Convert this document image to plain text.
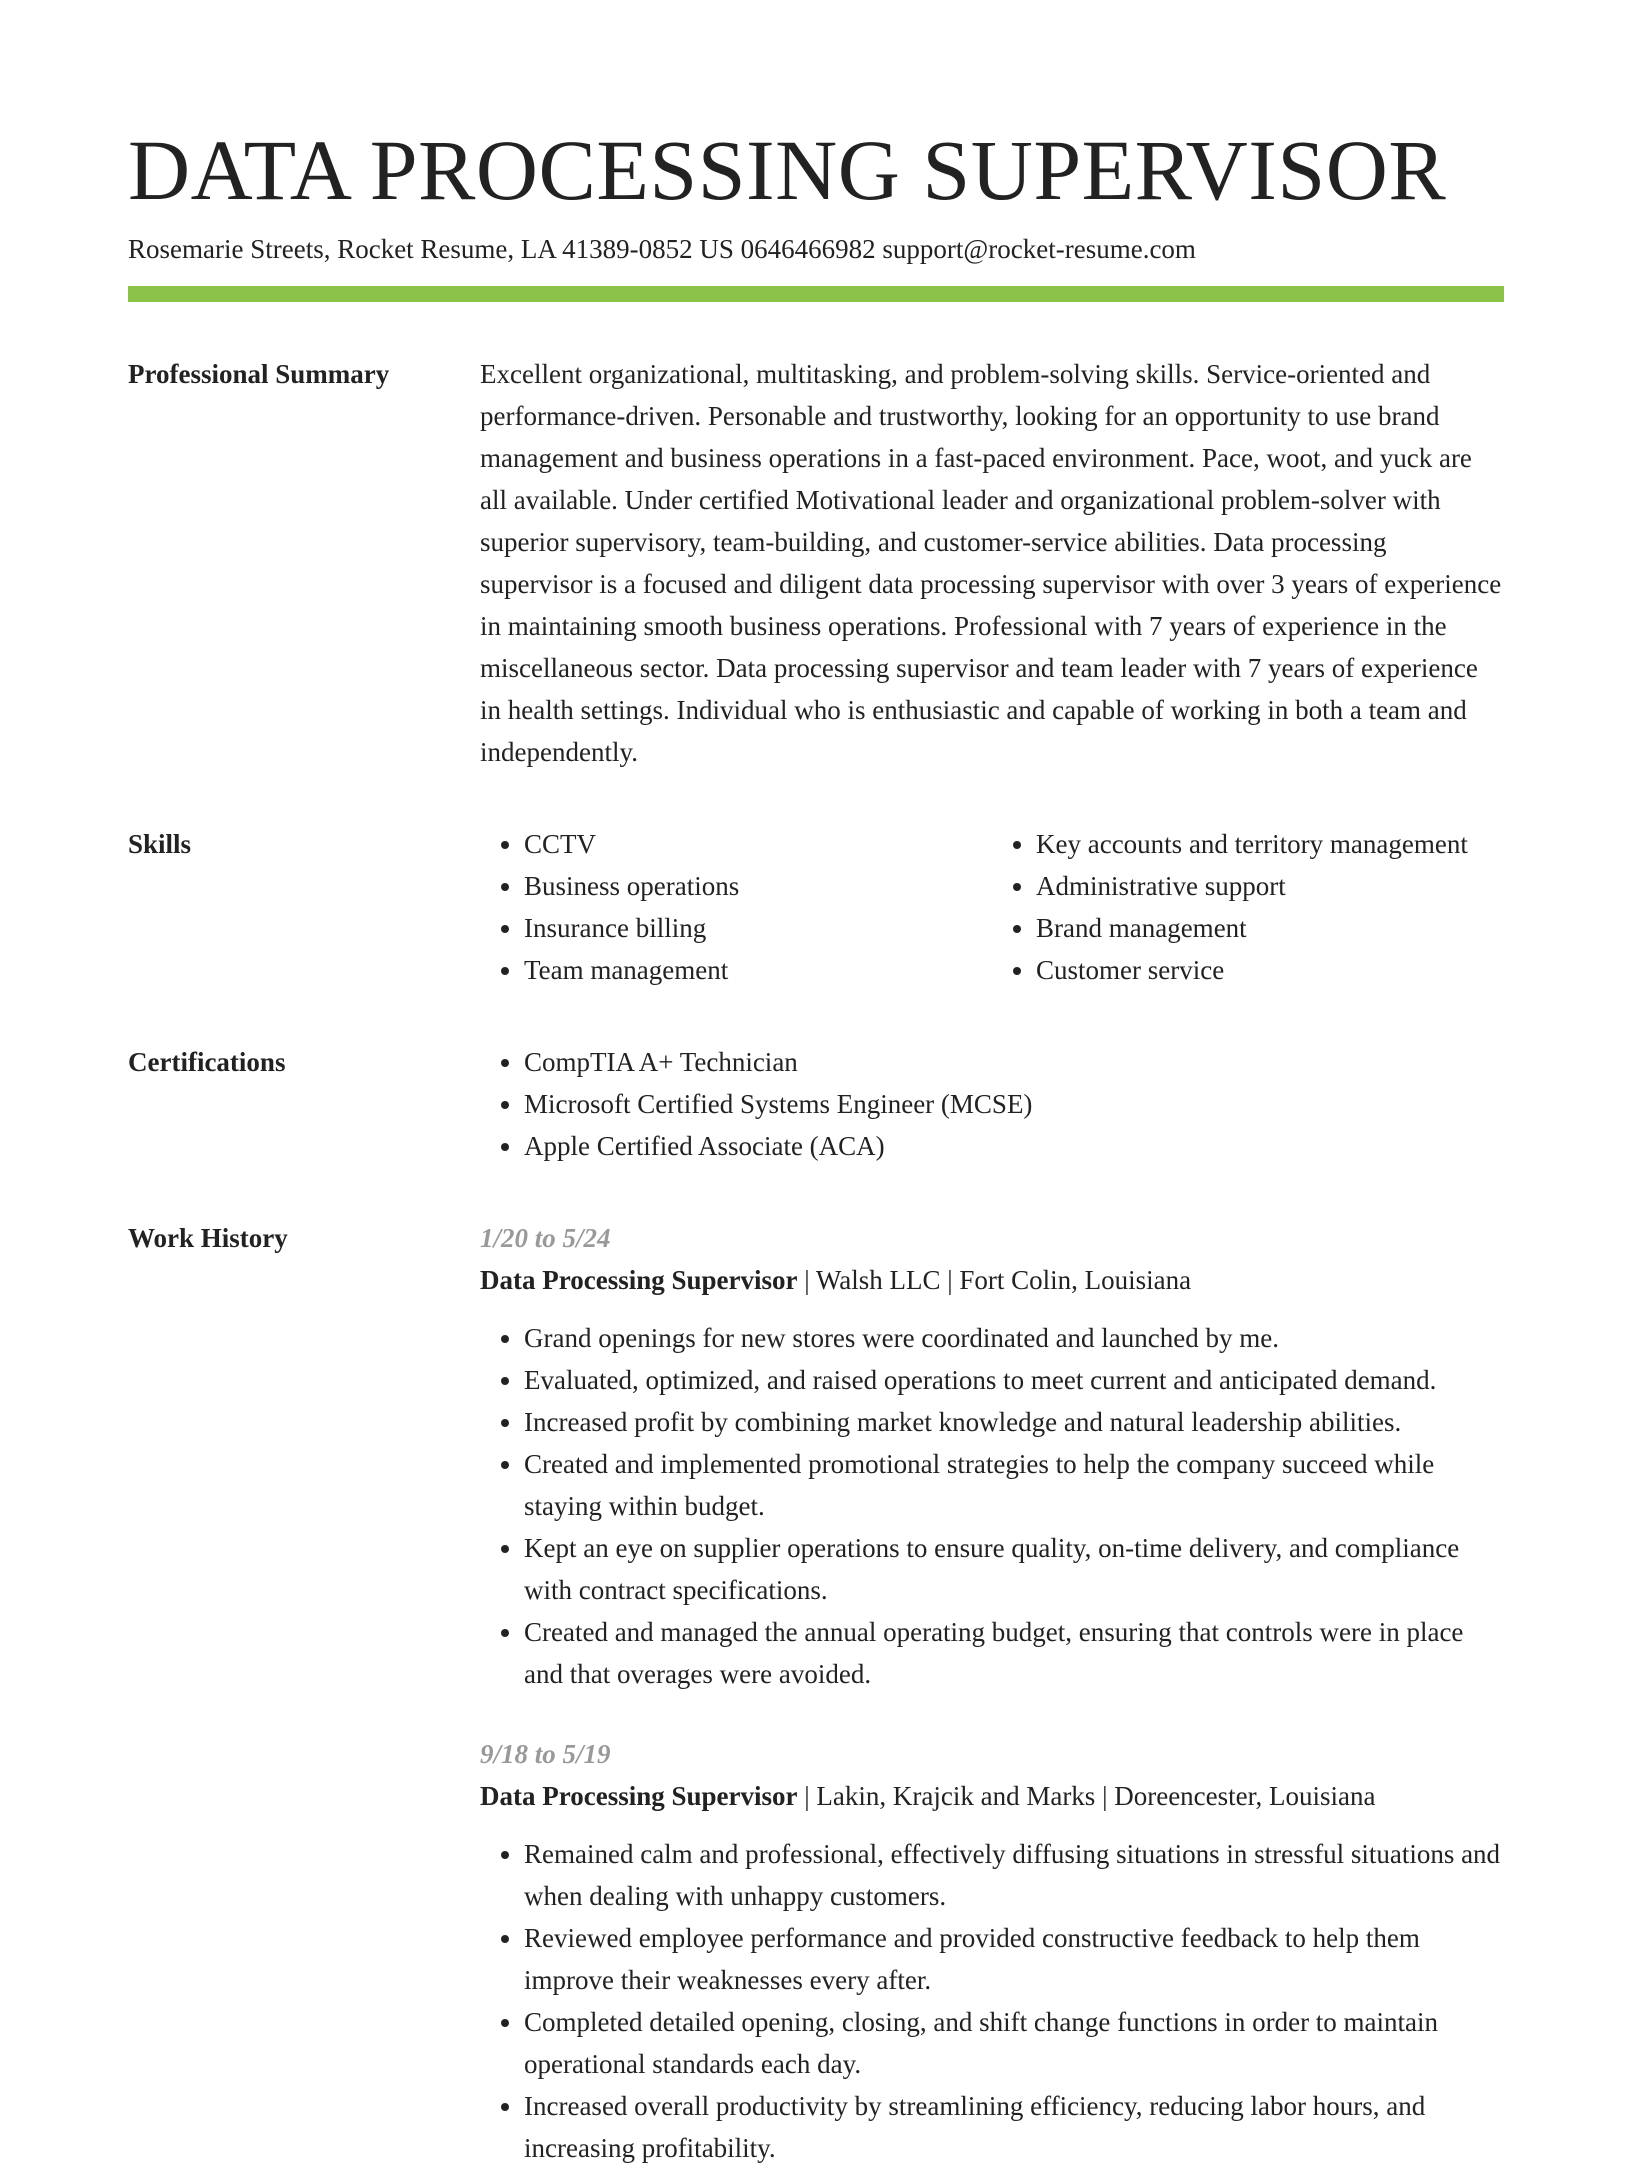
DATA PROCESSING SUPERVISOR
Rosemarie Streets, Rocket Resume, LA 41389-0852 US 0646466982 support@rocket-resume.com
Professional Summary	Excellent organizational, multitasking, and problem-solving skills. Service-oriented and performance-driven. Personable and trustworthy, looking for an opportunity to use brand management and business operations in a fast-paced environment. Pace, woot, and yuck are all available. Under certified Motivational leader and organizational problem-solver with superior supervisory, team-building, and customer-service abilities. Data processing supervisor is a focused and diligent data processing supervisor with over 3 years of experience in maintaining smooth business operations. Professional with 7 years of experience in the miscellaneous sector. Data processing supervisor and team leader with 7 years of experience in health settings. Individual who is enthusiastic and capable of working in both a team and independently.

Skills	• CCTV
• Business operations
• Insurance billing
• Team management
• Key accounts and territory management
• Administrative support
• Brand management
• Customer service
Certifications	• CompTIA A+ Technician
• Microsoft Certified Systems Engineer (MCSE)
• Apple Certified Associate (ACA)
Work History	1/20 to 5/24
Data Processing Supervisor | Walsh LLC | Fort Colin, Louisiana
• Grand openings for new stores were coordinated and launched by me.
• Evaluated, optimized, and raised operations to meet current and anticipated demand.
• Increased profit by combining market knowledge and natural leadership abilities.
• Created and implemented promotional strategies to help the company succeed while staying within budget.
• Kept an eye on supplier operations to ensure quality, on-time delivery, and compliance with contract specifications.
• Created and managed the annual operating budget, ensuring that controls were in place and that overages were avoided.
9/18 to 5/19
Data Processing Supervisor | Lakin, Krajcik and Marks | Doreencester, Louisiana
• Remained calm and professional, effectively diffusing situations in stressful situations and when dealing with unhappy customers.
• Reviewed employee performance and provided constructive feedback to help them improve their weaknesses every after.
• Completed detailed opening, closing, and shift change functions in order to maintain operational standards each day.
• Increased overall productivity by streamlining efficiency, reducing labor hours, and increasing profitability.
